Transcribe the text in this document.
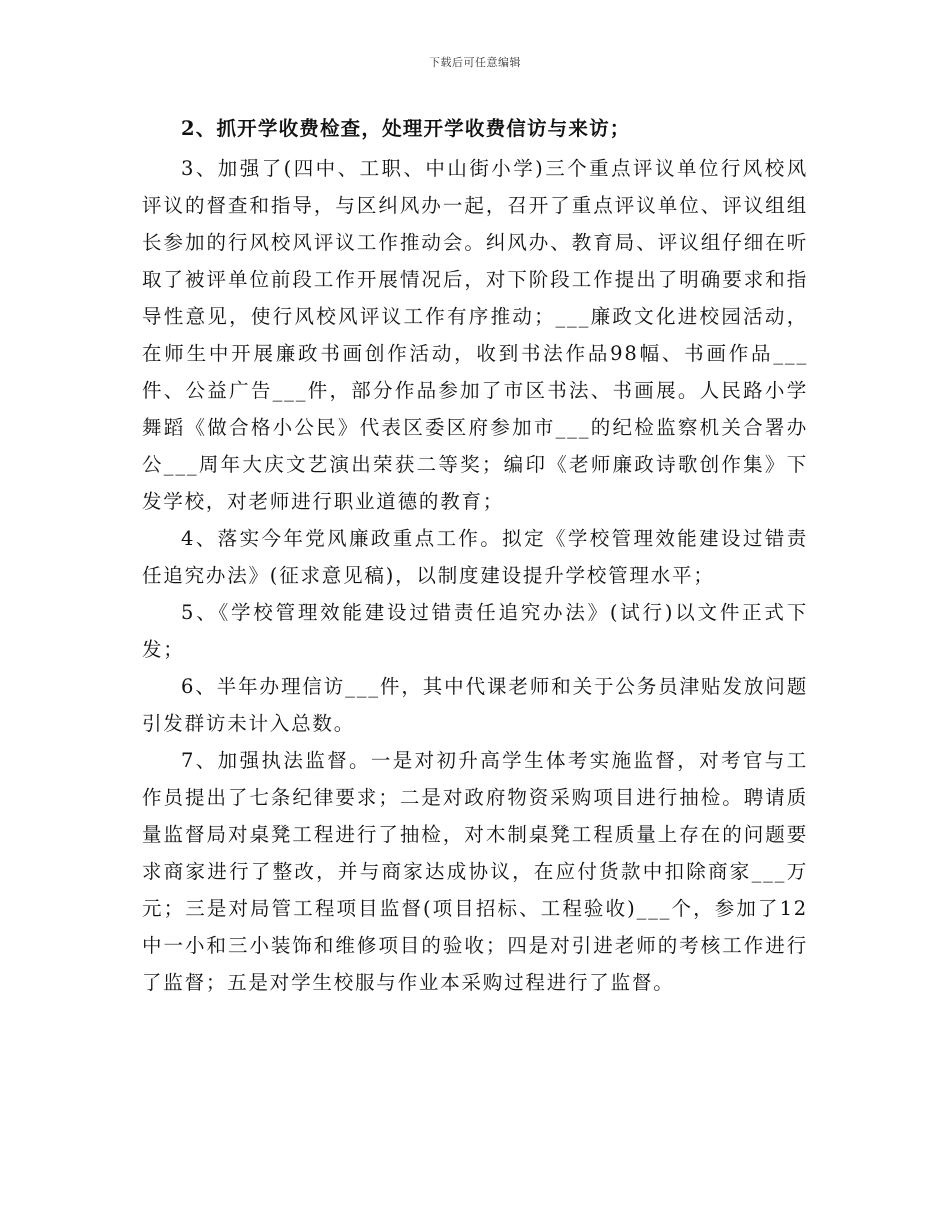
下载后可任意编辑

2、抓开学收费检查，处理开学收费信访与来访；

3、加强了(四中、工职、中山街小学)三个重点评议单位行风校风评议的督查和指导，与区纠风办一起，召开了重点评议单位、评议组组长参加的行风校风评议工作推动会。纠风办、教育局、评议组仔细在听取了被评单位前段工作开展情况后，对下阶段工作提出了明确要求和指导性意见，使行风校风评议工作有序推动；___廉政文化进校园活动，在师生中开展廉政书画创作活动，收到书法作品98幅、书画作品___件、公益广告___件，部分作品参加了市区书法、书画展。人民路小学舞蹈《做合格小公民》代表区委区府参加市___的纪检监察机关合署办公___周年大庆文艺演出荣获二等奖；编印《老师廉政诗歌创作集》下发学校，对老师进行职业道德的教育；

4、落实今年党风廉政重点工作。拟定《学校管理效能建设过错责任追究办法》(征求意见稿)，以制度建设提升学校管理水平；

5、《学校管理效能建设过错责任追究办法》(试行)以文件正式下发；

6、半年办理信访___件，其中代课老师和关于公务员津贴发放问题引发群访未计入总数。

7、加强执法监督。一是对初升高学生体考实施监督，对考官与工作员提出了七条纪律要求；二是对政府物资采购项目进行抽检。聘请质量监督局对桌凳工程进行了抽检，对木制桌凳工程质量上存在的问题要求商家进行了整改，并与商家达成协议，在应付货款中扣除商家___万元；三是对局管工程项目监督(项目招标、工程验收)___个，参加了12中一小和三小装饰和维修项目的验收；四是对引进老师的考核工作进行了监督；五是对学生校服与作业本采购过程进行了监督。
